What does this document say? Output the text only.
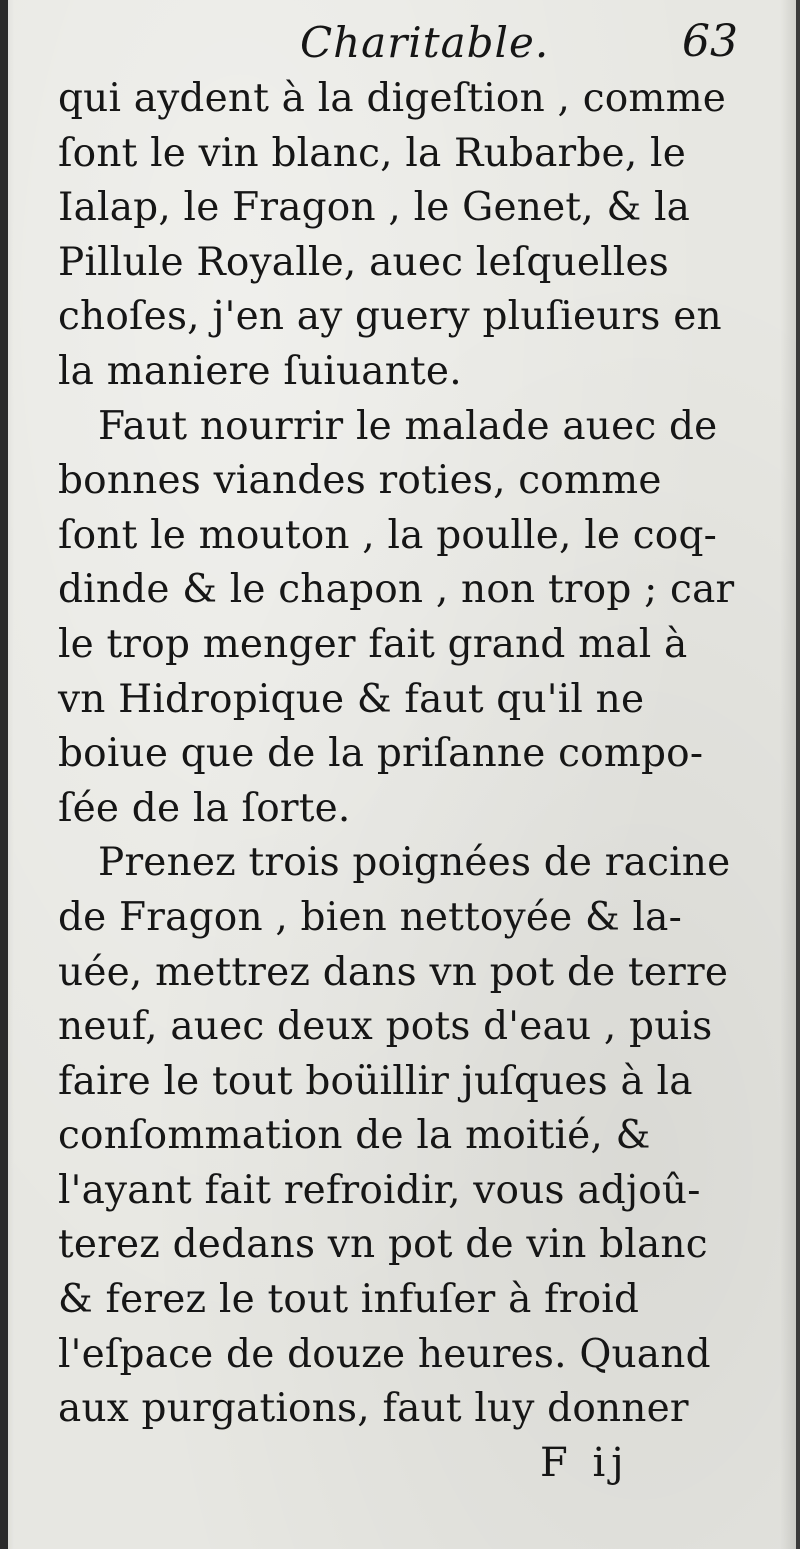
Charitable.	63
qui aydent à la digeſtion , comme
ſont le vin blanc, la Rubarbe, le
Ialap, le Fragon , le Genet, & la
Pillule Royalle, auec leſquelles
choſes, j'en ay guery pluſieurs en
la maniere ſuiuante.
Faut nourrir le malade auec de
bonnes viandes roties, comme
ſont le mouton , la poulle, le coq-
dinde & le chapon , non trop ; car
le trop menger fait grand mal à
vn Hidropique & faut qu'il ne
boiue que de la priſanne compo-
ſée de la ſorte.
Prenez trois poignées de racine
de Fragon , bien nettoyée & la-
uée, mettrez dans vn pot de terre
neuf, auec deux pots d'eau , puis
faire le tout boüillir juſques à la
conſommation de la moitié, &
l'ayant fait refroidir, vous adjoû-
terez dedans vn pot de vin blanc
& ferez le tout infuſer à froid
l'eſpace de douze heures. Quand
aux purgations, faut luy donner
F ij
